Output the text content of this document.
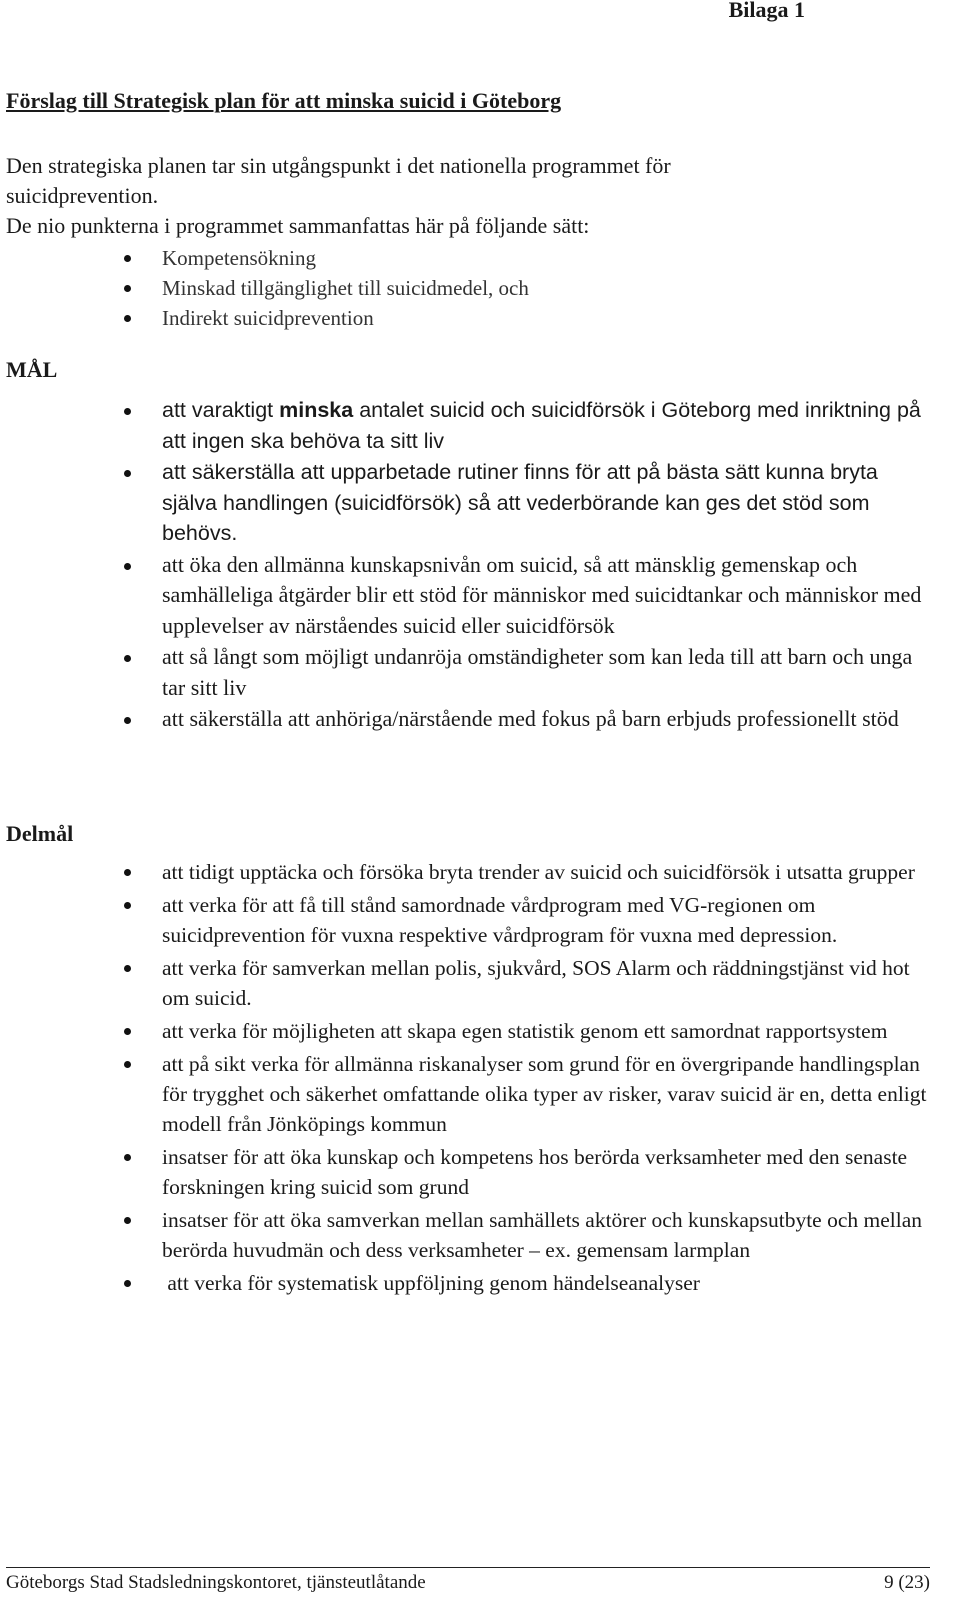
Bilaga 1
Förslag till Strategisk plan för att minska suicid i Göteborg

Den strategiska planen tar sin utgångspunkt i det nationella programmet för

suicidprevention.

De nio punkterna i programmet sammanfattas här på följande sätt:

Kompetensökning
Minskad tillgänglighet till suicidmedel, och
Indirekt suicidprevention
MÅL
att varaktigt minska antalet suicid och suicidförsök i Göteborg med inriktning på att ingen ska behöva ta sitt liv
att säkerställa att upparbetade rutiner finns för att på bästa sätt kunna bryta själva handlingen (suicidförsök) så att vederbörande kan ges det stöd som behövs.
att öka den allmänna kunskapsnivån om suicid, så att mänsklig gemenskap och samhälleliga åtgärder blir ett stöd för människor med suicidtankar och människor med upplevelser av närståendes suicid eller suicidförsök
att så långt som möjligt undanröja omständigheter som kan leda till att barn och unga tar sitt liv
att säkerställa att anhöriga/närstående med fokus på barn erbjuds professionellt stöd
Delmål
att tidigt upptäcka och försöka bryta trender av suicid och suicidförsök i utsatta grupper
att verka för att få till stånd samordnade vårdprogram med VG-regionen om suicidprevention för vuxna respektive vårdprogram för vuxna med depression.
att verka för samverkan mellan polis, sjukvård, SOS Alarm och räddningstjänst vid hot om suicid.
att verka för möjligheten att skapa egen statistik genom ett samordnat rapportsystem
att på sikt verka för allmänna riskanalyser som grund för en övergripande handlingsplan för trygghet och säkerhet omfattande olika typer av risker, varav suicid är en, detta enligt modell från Jönköpings kommun
insatser för att öka kunskap och kompetens hos berörda verksamheter med den senaste forskningen kring suicid som grund
insatser för att öka samverkan mellan samhällets aktörer och kunskapsutbyte och mellan berörda huvudmän och dess verksamheter – ex. gemensam larmplan
att verka för systematisk uppföljning genom händelseanalyser
Göteborgs Stad Stadsledningskontoret, tjänsteutlåtande	9 (23)
